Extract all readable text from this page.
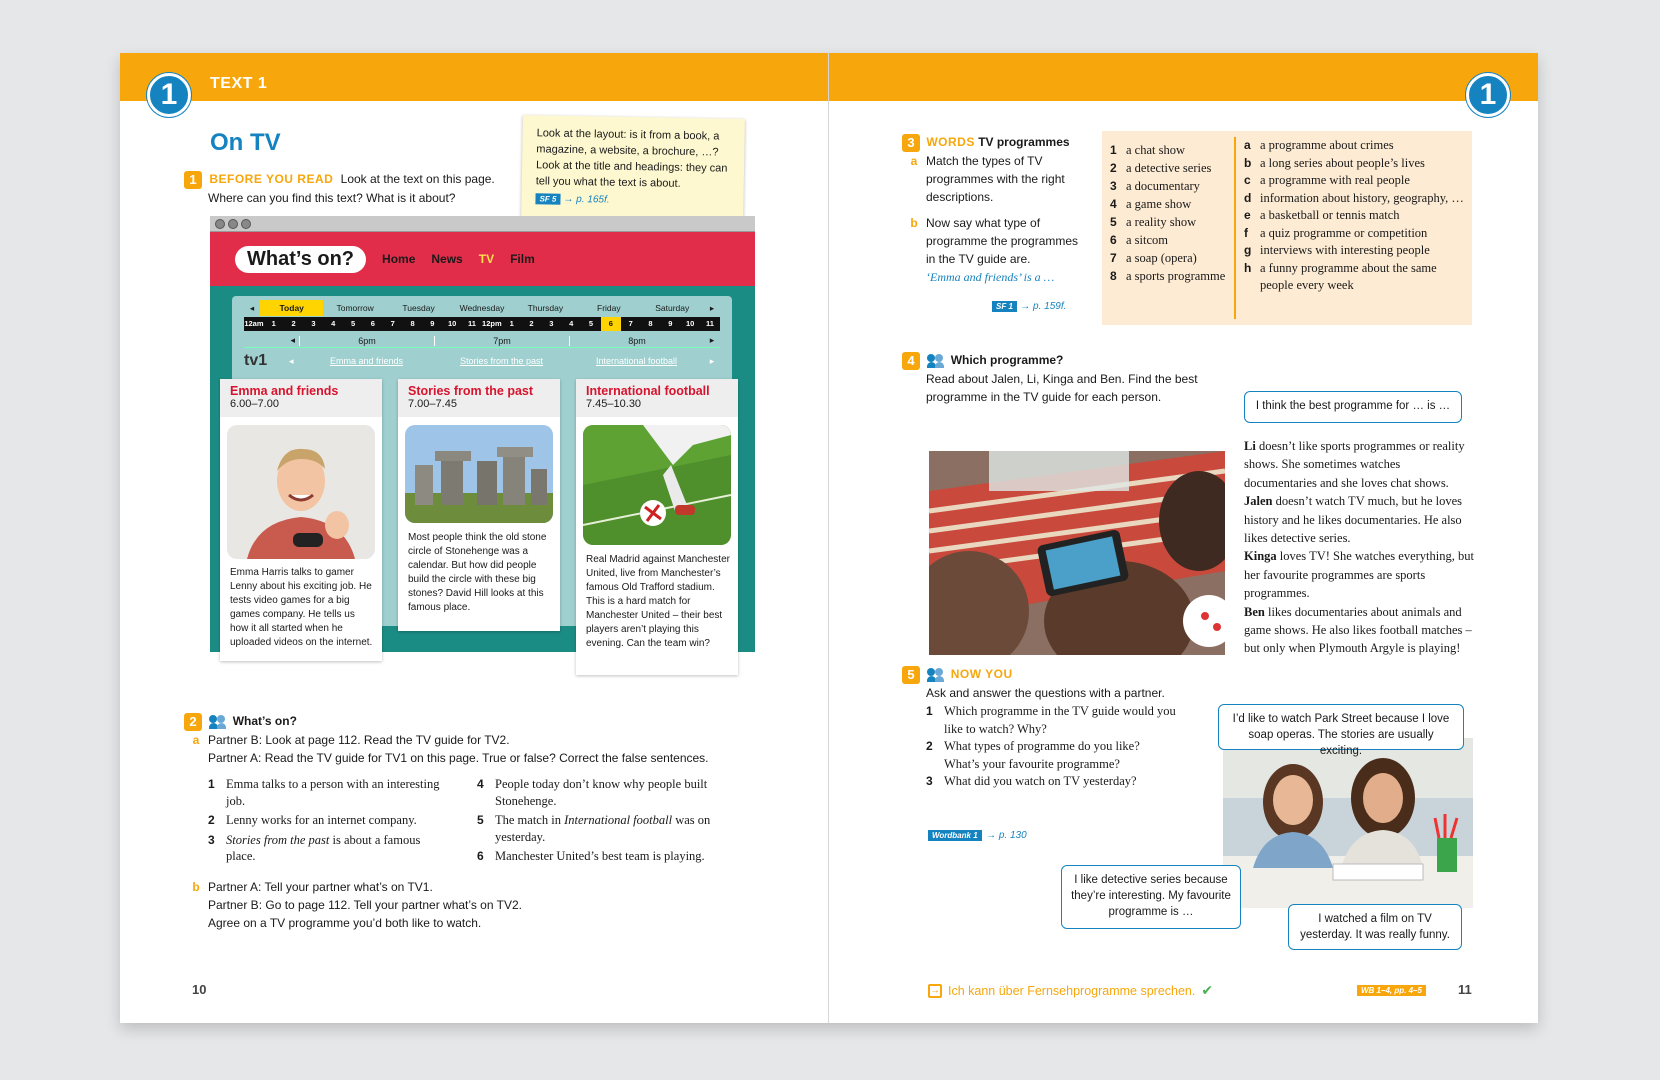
1	TEXT 1
On TV
1 BEFORE YOU READ Look at the text on this page.
Where can you find this text? What is it about?
Look at the layout: is it from a book, a magazine, a website, a brochure, …? Look at the title and headings: they can tell you what the text is about.
SF 5 → p. 165f.
What’s on?	Home News TV Film
◂	Today	Tomorrow	Tuesday	Wednesday	Thursday	Friday	Saturday	▸
12am	1	2	3	4	5	6	7	8	9	10	11 12pm	1	2	3	4	5	6	7	8	9	10	11
◂	6pm	7pm	8pm	▸
tv1	◂	Emma and friends	Stories from the past	International football	▸
Emma and friends
6.00–7.00
Emma Harris talks to gamer Lenny about his exciting job. He tests video games for a big games company. He tells us how it all started when he uploaded videos on the internet.
Stories from the past
7.00–7.45
Most people think the old stone circle of Stonehenge was a calendar. But how did people build the circle with these big stones? David Hill looks at this famous place.
International football
7.45–10.30
Real Madrid against Manchester United, live from Manchester’s famous Old Trafford stadium. This is a hard match for Manchester United – their best players aren’t playing this evening. Can the team win?
2	What’s on?
a Partner B: Look at page 112. Read the TV guide for TV2.
Partner A: Read the TV guide for TV1 on this page. True or false? Correct the false sentences.
1 Emma talks to a person with an interesting job.
2 Lenny works for an internet company.
3 Stories from the past is about a famous place.
4 People today don’t know why people built Stonehenge.
5 The match in International football was on yesterday.
6 Manchester United’s best team is playing.
b Partner A: Tell your partner what’s on TV1.
Partner B: Go to page 112. Tell your partner what’s on TV2.
Agree on a TV programme you’d both like to watch.
10
1
3 WORDS TV programmes
a Match the types of TV programmes with the right descriptions.
b Now say what type of programme the programmes in the TV guide are.
‘Emma and friends’ is a …
SF 1 → p. 159f.
1 a chat show
2 a detective series
3 a documentary
4 a game show
5 a reality show
6 a sitcom
7 a soap (opera)
8 a sports programme
a a programme about crimes
b a long series about people’s lives
c a programme with real people
d information about history, geography, …
e a basketball or tennis match
f a quiz programme or competition
g interviews with interesting people
h a funny programme about the same people every week
4	Which programme?
Read about Jalen, Li, Kinga and Ben. Find the best
programme in the TV guide for each person.
I think the best programme for … is …
Li doesn’t like sports programmes or reality shows. She sometimes watches documentaries and she loves chat shows.
Jalen doesn’t watch TV much, but he loves history and he likes documentaries. He also likes detective series.
Kinga loves TV! She watches everything, but her favourite programmes are sports programmes.
Ben likes documentaries about animals and game shows. He also likes football matches – but only when Plymouth Argyle is playing!
5	NOW YOU
Ask and answer the questions with a partner.
1 Which programme in the TV guide would you like to watch? Why?
2 What types of programme do you like? What’s your favourite programme?
3 What did you watch on TV yesterday?
Wordbank 1 → p. 130
I’d like to watch Park Street because I love soap operas. The stories are usually exciting.
I like detective series because they’re interesting. My favourite programme is …
I watched a film on TV yesterday. It was really funny.
→ Ich kann über Fernsehprogramme sprechen. ✔	WB 1–4, pp. 4–5	11
